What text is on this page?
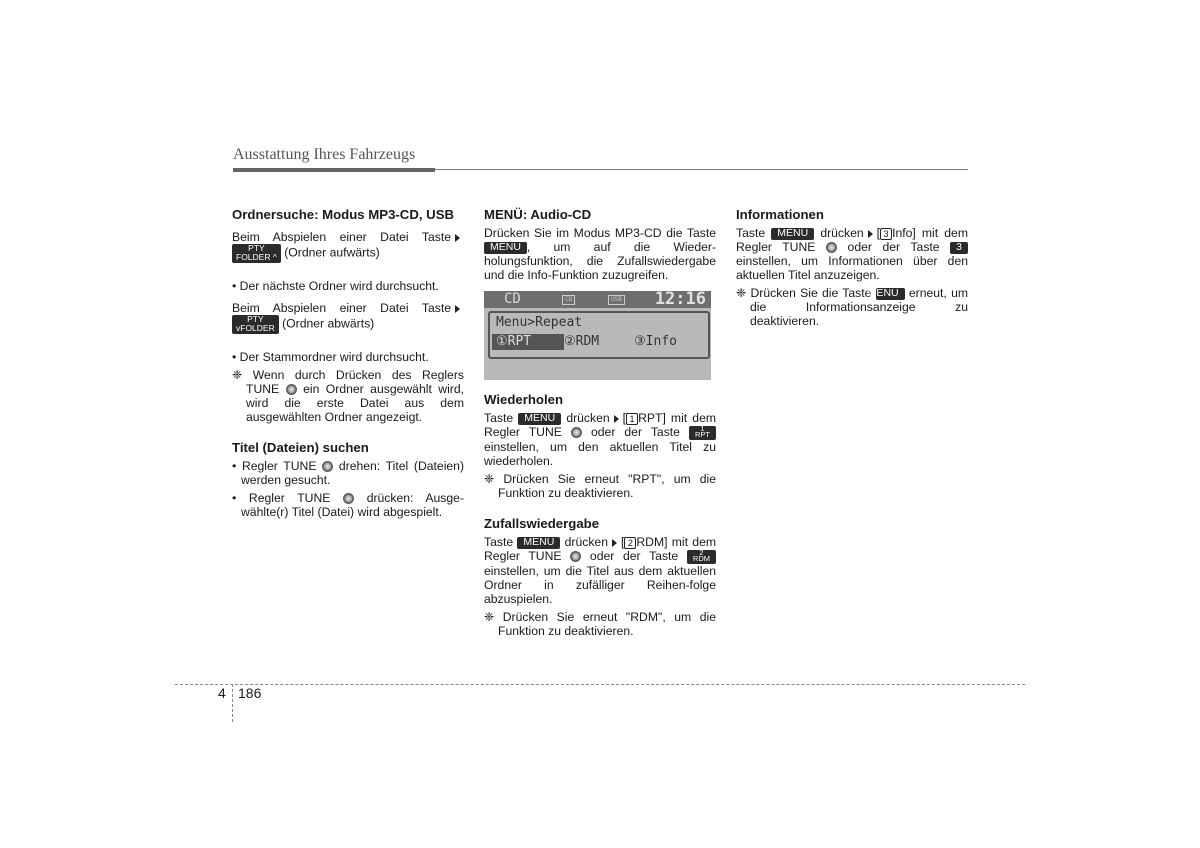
Ausstattung Ihres Fahrzeugs
Ordnersuche: Modus MP3-CD, USB

Beim Abspielen einer Datei Taste PTY
FOLDER ^ (Ordner aufwärts)

• Der nächste Ordner wird durchsucht.

Beim Abspielen einer Datei Taste PTY
vFOLDER (Ordner abwärts)

• Der Stammordner wird durchsucht.

❈ Wenn durch Drücken des Reglers TUNE ein Ordner ausgewählt wird, wird die erste Datei aus dem ausgewählten Ordner angezeigt.

Titel (Dateien) suchen

• Regler TUNE drehen: Titel (Dateien) werden gesucht.

• Regler TUNE	drücken: Ausge-wählte(r) Titel (Datei) wird abgespielt.

MENÜ: Audio-CD

Drücken Sie im Modus MP3-CD die Taste MENU , um auf die Wieder-holungsfunktion, die Zufallswiedergabe und die Info-Funktion zuzugreifen.

CD	CD	USB 12:16
Menu>Repeat
①RPT	②RDM	③Info
Wiederholen

Taste MENU drücken [ 1 RPT] mit dem Regler TUNE oder der Taste	1
RPT einstellen, um den aktuellen Titel zu wiederholen.

❈ Drücken Sie erneut "RPT", um die Funktion zu deaktivieren.

Zufallswiedergabe

Taste MENU drücken [ 2 RDM] mit dem Regler TUNE oder der Taste	2
RDM einstellen, um die Titel aus dem aktuellen Ordner in zufälliger Reihen-folge abzuspielen.

❈ Drücken Sie erneut "RDM", um die Funktion zu deaktivieren.

Informationen

Taste MENU drücken [ 3 Info] mit dem Regler TUNE	oder der Taste 3 einstellen, um Informationen über den aktuellen Titel anzuzeigen.

❈ Drücken Sie die Taste MENU erneut, um die Informationsanzeige zu deaktivieren.

4 186
